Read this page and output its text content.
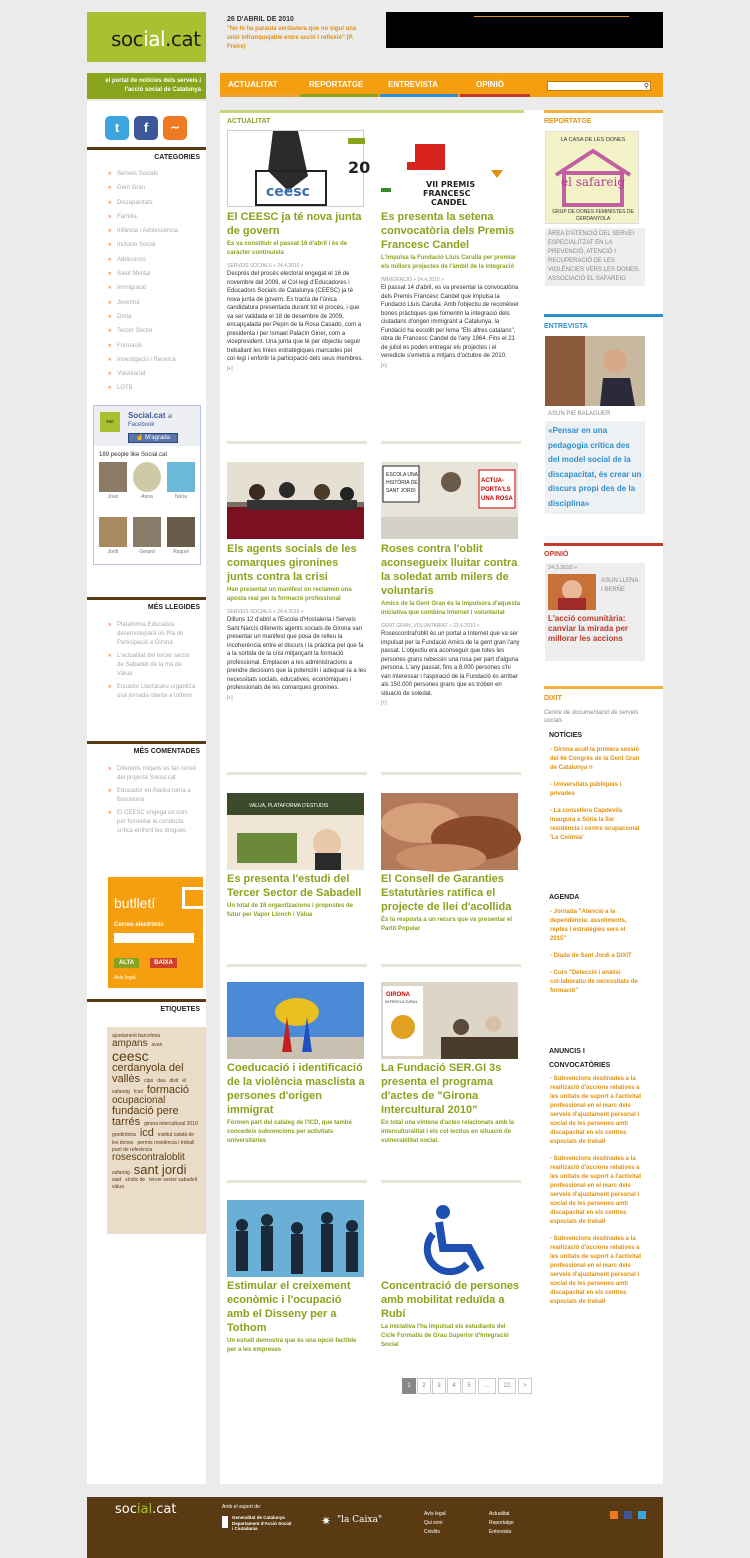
social.cat
26 D'ABRIL DE 2010
"No hi ha paraula verdadera que no sigui una unió infranquejable entre acció i reflexió" (P. Freire)
el portal de notícies dels serveis i l'acció social de Catalunya
ACTUALITAT	REPORTATGE	ENTREVISTA	OPINIÓ	⚲
t	f	∼
CATEGORIES
» Serveis Socials
» Gent Gran
» Discapacitats
» Família
» Infància i Adolescència
» Inclusió Social
» Addiccions
» Salut Mental
» Immigració
» Joventut
» Dona
» Tercer Sector
» Formació
» Investigació i Recerca
» Voluntariat
» LGTB
soc
Social.cat al
Facebook
☝ M'agrada
189 people like Social.cat
Joan	Anna	Núria
Jordi	Gerard	Raquel
MÉS LLEGIDES
» Plataforma Educativa desenvoluparà un Pla de Participació a Girona
» L'actualitat del tercer sector de Sabadell de la mà de Vàlua
» Ecuador Llactacaru organitza una jornada oberta a tothom
MÉS COMENTADES
» Diferents mitjans es fan ressò del projecte Social.cat
» Educador en Alaska torna a Barcelona
» El CEESC engega un curs per fomentar la conducta crítica enfront les drogues
butlletí
Correu electrònic
ALTA	BAIXA
Avís legal
ETIQUETES
ajuntament barcelona ampans avan ceesc cerdanyola del vallès cipo dau dixit el safareig fcsd formació ocupacional fundació pere tarrés girona intercultural 2010 gredirdona icd institut català de les dones permís residència i treball punt de referència rosescontraloblit safareig sant jordi siad síndic de tercer sector sabadell vàlua
ACTUALITAT
ceesc
20
VII PREMIS
FRANCESC
CANDEL
El CEESC ja té nova junta de govern
Es va constituir el passat 16 d'abril i és de caràcter continuista
SERVEIS SOCIALS » 24.4.2010 »
Després del procés electoral engegat el 16 de novembre del 2009, el Col·legi d'Educadores i Educadors Socials de Catalunya (CEESC) ja té nova junta de govern. Es tracta de l'única candidatura presentada durant tot el procés, i que va ser validada el 18 de desembre de 2009, encapçalada per Pepín de la Rosa Casado, com a presidenta i per Ismael Palacín Giner, com a vicepresident. Una junta que té per objectiu seguir treballant les línies estratègiques marcades pel col·legi i enfortir la participació dels seus membres.
[+]
Es presenta la setena convocatòria dels Premis Francesc Candel
L'impulsa la Fundació Lluís Carulla per premiar els millors projectes de l'àmbit de la integració
IMMIGRACIÓ » 24.4.2010 »
El passat 14 d'abril, es va presentar la convocatòria dels Premis Francesc Candel que impulsa la Fundació Lluís Carulla. Amb l'objectiu de reconèixer bones pràctiques que fomentin la integració dels ciutadans d'origen immigrant a Catalunya, la Fundació ha escollit per lema "Els altres catalans", obra de Francesc Candel de l'any 1964. Fins el 21 de juliol es poden entregar els projectes i el veredicte s'emetrà a mitjans d'octubre de 2010.
[+]
ESCOLA UNA
HISTÒRIA DE
SANT JORDI
ACTUA-
PORTA'LS
UNA ROSA
Els agents socials de les comarques gironines junts contra la crisi
Han presentat un manifest on reclamen una aposta real per la formació professional
SERVEIS SOCIALS » 24.4.2010 »
Dilluns 12 d'abril a l'Escola d'Hostaleria i Serveis Sant Narcís diferents agents socials de Girona van presentar un manifest que posa de relleu la incoherència entre el discurs i la pràctica pel que fa a la sortida de la crisi mitjançant la formació professional. Emplacen a les administracions a prendre decisions que la potenciïn i adequar-la a les necessitats socials, educatives, econòmiques i professionals de les comarques gironines.
[+]
Roses contra l'oblit aconsegueix lluitar contra la soledat amb milers de voluntaris
Amics de la Gent Gran és la impulsora d'aquesta iniciativa que combina Internet i voluntariat
GENT GRAN, VOLUNTARIAT » 23.4.2010 »
Rosescontral'oblit és un portal a Internet que va ser impulsat per la Fundació Amics de la gent gran l'any passat. L'objectiu era aconseguir que totes les persones grans rebessin una rosa per part d'alguna persona. L'any passat, fins a 8.000 persones s'hi van interessar i l'aspiració de la Fundació és arribar als 150.000 persones grans que es troben en situació de soledat.
[+]
VALUA, PLATAFORMA D'ESTUDIS
Es presenta l'estudi del Tercer Sector de Sabadell
Un total de 18 organitzacions i propostes de futur per Vapor Llonch i Vàlua
El Consell de Garanties Estatutàries ratifica el projecte de llei d'acollida
És la resposta a un recurs que va presentar el Partit Popular
GIRONA
INTERCULTURAL
Coeducació i identificació de la violència masclista a persones d'origen immigrat
Formen part del catàleg de l'ICD, que també concedeix subvencions per activitats universitàries
La Fundació SER.GI 3s presenta el programa d'actes de "Girona Intercultural 2010"
En total una vintena d'actes relacionats amb la interculturalitat i els col·lectius en situació de vulnerabilitat social.
Estimular el creixement econòmic i l'ocupació amb el Disseny per a Tothom
Un estudi demostra que és una opció factible per a les empreses
Concentració de persones amb mobilitat reduïda a Rubí
La iniciativa l'ha impulsat els estudiants del Cicle Formatiu de Grau Superior d'Integració Social
1	2	3	4	5	...	22	>
REPORTATGE
LA CASA DE LES DONES
el safareig
GRUP DE DONES FEMINISTES DE CERDANYOLA
ÀREA D'ATENCIÓ DEL SERVEI ESPECIALITZAT EN LA PREVENCIÓ, ATENCIÓ I RECUPERACIÓ DE LES VIOLÈNCIES VERS LES DONES. ASSOCIACIÓ EL SAFAREIG
ENTREVISTA
ASUN PIE BALAGUER
«Pensar en una pedagogia crítica des del model social de la discapacitat, és crear un discurs propi des de la disciplina»
OPINIÓ
24.3.2010 »
ASUN LLENA I BERÑE
L'acció comunitària: canviar la mirada per millorar les accions
DIXIT
Centre de documentació de serveis socials
NOTÍCIES
- Girona acull la primera sessió del 6è Congrés de la Gent Gran de Catalunya n
- Universitats públiques i privades
- La consellera Capdevila inaugura a Súria la llar residència i centre ocupacional 'La Colònia'
AGENDA
- Jornada "Atenció a la dependència: assoliments, reptes i estratègies vers el 2015"
- Diada de Sant Jordi a DIXIT
- Curs "Detecció i anàlisi col·laboratiu de necessitats de formació"
ANUNCIS I CONVOCATÒRIES
- Subvencions destinades a la realització d'accions relatives a les unitats de suport a l'activitat professional en el marc dels serveis d'ajustament personal i social de les persones amb discapacitat en els centres especials de treball
- Subvencions destinades a la realització d'accions relatives a les unitats de suport a l'activitat professional en el marc dels serveis d'ajustament personal i social de les persones amb discapacitat en els centres especials de treball
- Subvencions destinades a la realització d'accions relatives a les unitats de suport a l'activitat professional en el marc dels serveis d'ajustament personal i social de les persones amb discapacitat en els centres especials de treball
social.cat	Amb el suport de:
Generalitat de Catalunya
Departament d'Acció Social
i Ciutadania
✷ "la Caixa"
Avís legal
Qui som
Crèdits
Actualitat
Reportatge
Entrevista
